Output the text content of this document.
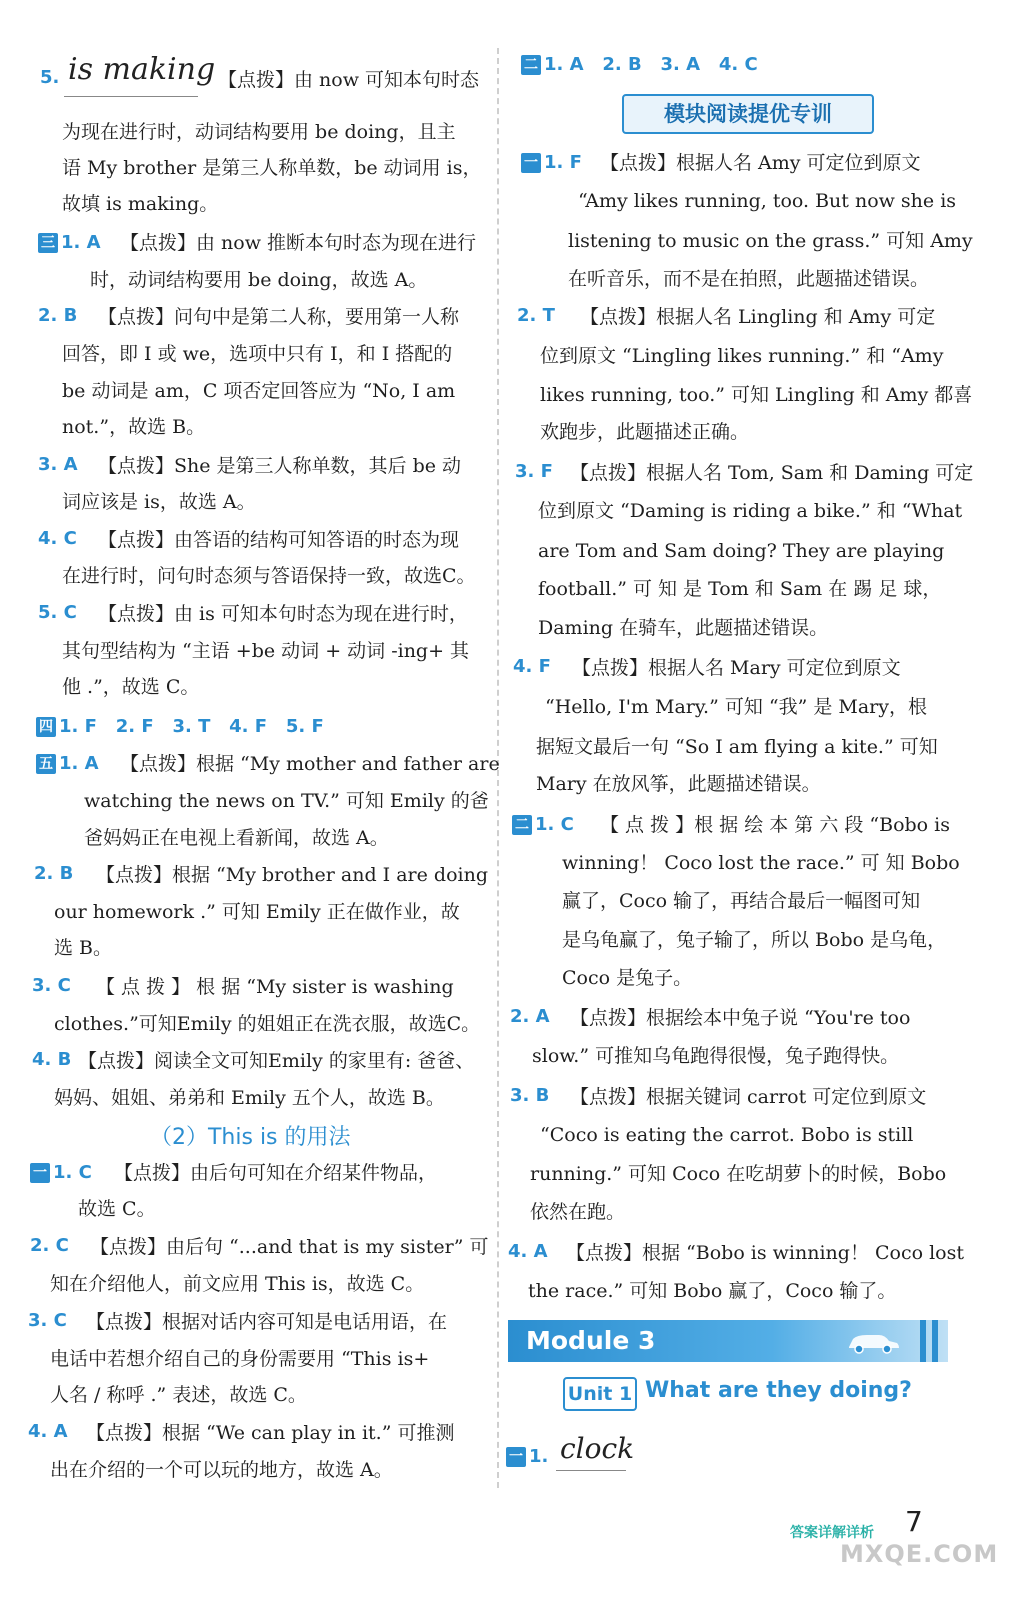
5. is making 【点拨】由 now 可知本句时态
为现在进行时，动词结构要用 be doing，且主
语 My brother 是第三人称单数，be 动词用 is，
故填 is making。
三 1. A 【点拨】由 now 推断本句时态为现在进行
时，动词结构要用 be doing，故选 A。
2. B 【点拨】问句中是第二人称，要用第一人称
回答，即 I 或 we，选项中只有 I，和 I 搭配的
be 动词是 am，C 项否定回答应为 “No, I am
not.”，故选 B。
3. A 【点拨】She 是第三人称单数，其后 be 动
词应该是 is，故选 A。
4. C 【点拨】由答语的结构可知答语的时态为现
在进行时，问句时态须与答语保持一致，故选C。
5. C 【点拨】由 is 可知本句时态为现在进行时，
其句型结构为 “主语 +be 动词 + 动词 -ing+ 其
他 .”，故选 C。
四 1. F   2. F   3. T   4. F   5. F
五 1. A 【点拨】根据 “My mother and father are
watching the news on TV.” 可知 Emily 的爸
爸妈妈正在电视上看新闻，故选 A。
2. B 【点拨】根据 “My brother and I are doing
our homework .” 可知 Emily 正在做作业，故
选 B。
3. C 【 点 拨 】 根 据 “My sister is washing
clothes.”可知Emily 的姐姐正在洗衣服，故选C。
4. B 【点拨】阅读全文可知Emily 的家里有: 爸爸、
妈妈、姐姐、弟弟和 Emily 五个人，故选 B。
（2）This is 的用法
一 1. C 【点拨】由后句可知在介绍某件物品，
故选 C。
2. C 【点拨】由后句 “...and that is my sister” 可
知在介绍他人，前文应用 This is，故选 C。
3. C 【点拨】根据对话内容可知是电话用语，在
电话中若想介绍自己的身份需要用 “This is+
人名 / 称呼 .” 表述，故选 C。
4. A 【点拨】根据 “We can play in it.” 可推测
出在介绍的一个可以玩的地方，故选 A。
二 1. A   2. B   3. A   4. C
模块阅读提优专训
一 1. F 【点拨】根据人名 Amy 可定位到原文
“Amy likes running, too. But now she is
listening to music on the grass.” 可知 Amy
在听音乐，而不是在拍照，此题描述错误。
2. T 【点拨】根据人名 Lingling 和 Amy 可定
位到原文 “Lingling likes running.” 和 “Amy
likes running, too.” 可知 Lingling 和 Amy 都喜
欢跑步，此题描述正确。
3. F 【点拨】根据人名 Tom, Sam 和 Daming 可定
位到原文 “Daming is riding a bike.” 和 “What
are Tom and Sam doing? They are playing
football.” 可 知 是 Tom 和 Sam 在 踢 足 球，
Daming 在骑车，此题描述错误。
4. F 【点拨】根据人名 Mary 可定位到原文
“Hello, I'm Mary.” 可知 “我” 是 Mary，根
据短文最后一句 “So I am flying a kite.” 可知
Mary 在放风筝，此题描述错误。
二 1. C 【 点 拨 】根 据 绘 本 第 六 段 “Bobo is
winning！ Coco lost the race.” 可 知 Bobo
赢了，Coco 输了，再结合最后一幅图可知
是乌龟赢了，兔子输了，所以 Bobo 是乌龟，
Coco 是兔子。
2. A 【点拨】根据绘本中兔子说 “You're too
slow.” 可推知乌龟跑得很慢，兔子跑得快。
3. B 【点拨】根据关键词 carrot 可定位到原文
“Coco is eating the carrot. Bobo is still
running.” 可知 Coco 在吃胡萝卜的时候，Bobo
依然在跑。
4. A 【点拨】根据 “Bobo is winning！ Coco lost
the race.” 可知 Bobo 赢了，Coco 输了。
Module 3
Unit 1 What are they doing?
一 1. clock
答案详解详析 7
MXQE.COM
